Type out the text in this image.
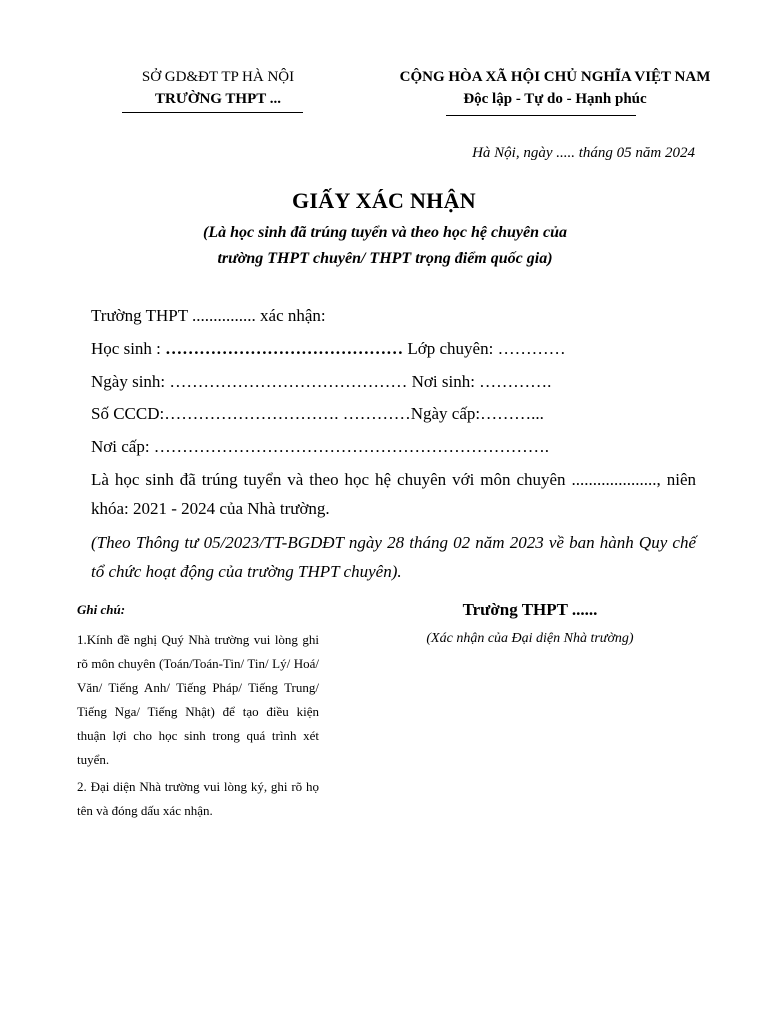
SỞ GD&ĐT TP HÀ NỘI
TRƯỜNG THPT ...
CỘNG HÒA XÃ HỘI CHỦ NGHĨA VIỆT NAM
Độc lập - Tự do - Hạnh phúc
Hà Nội, ngày ..... tháng 05 năm 2024
GIẤY XÁC NHẬN
(Là học sinh đã trúng tuyển và theo học hệ chuyên của
trường THPT chuyên/ THPT trọng điểm quốc gia)
Trường THPT ............... xác nhận:
Học sinh : …………………………………… Lớp chuyên: …………
Ngày sinh: …………………………………… Nơi sinh: ………….
Số CCCD:…………………………. …………Ngày cấp:………...
Nơi cấp: …………………………………………………………….
Là học sinh đã trúng tuyển và theo học hệ chuyên với môn chuyên ...................., niên khóa: 2021 - 2024 của Nhà trường.
(Theo Thông tư 05/2023/TT-BGDĐT ngày 28 tháng 02 năm 2023 về ban hành Quy chế tổ chức hoạt động của trường THPT chuyên).
Ghi chú:
1.Kính đề nghị Quý Nhà trường vui lòng ghi rõ môn chuyên (Toán/Toán-Tin/ Tin/ Lý/ Hoá/ Văn/ Tiếng Anh/ Tiếng Pháp/ Tiếng Trung/ Tiếng Nga/ Tiếng Nhật) để tạo điều kiện thuận lợi cho học sinh trong quá trình xét tuyển.
2. Đại diện Nhà trường vui lòng ký, ghi rõ họ tên và đóng dấu xác nhận.
Trường THPT ......
(Xác nhận của Đại diện Nhà trường)
